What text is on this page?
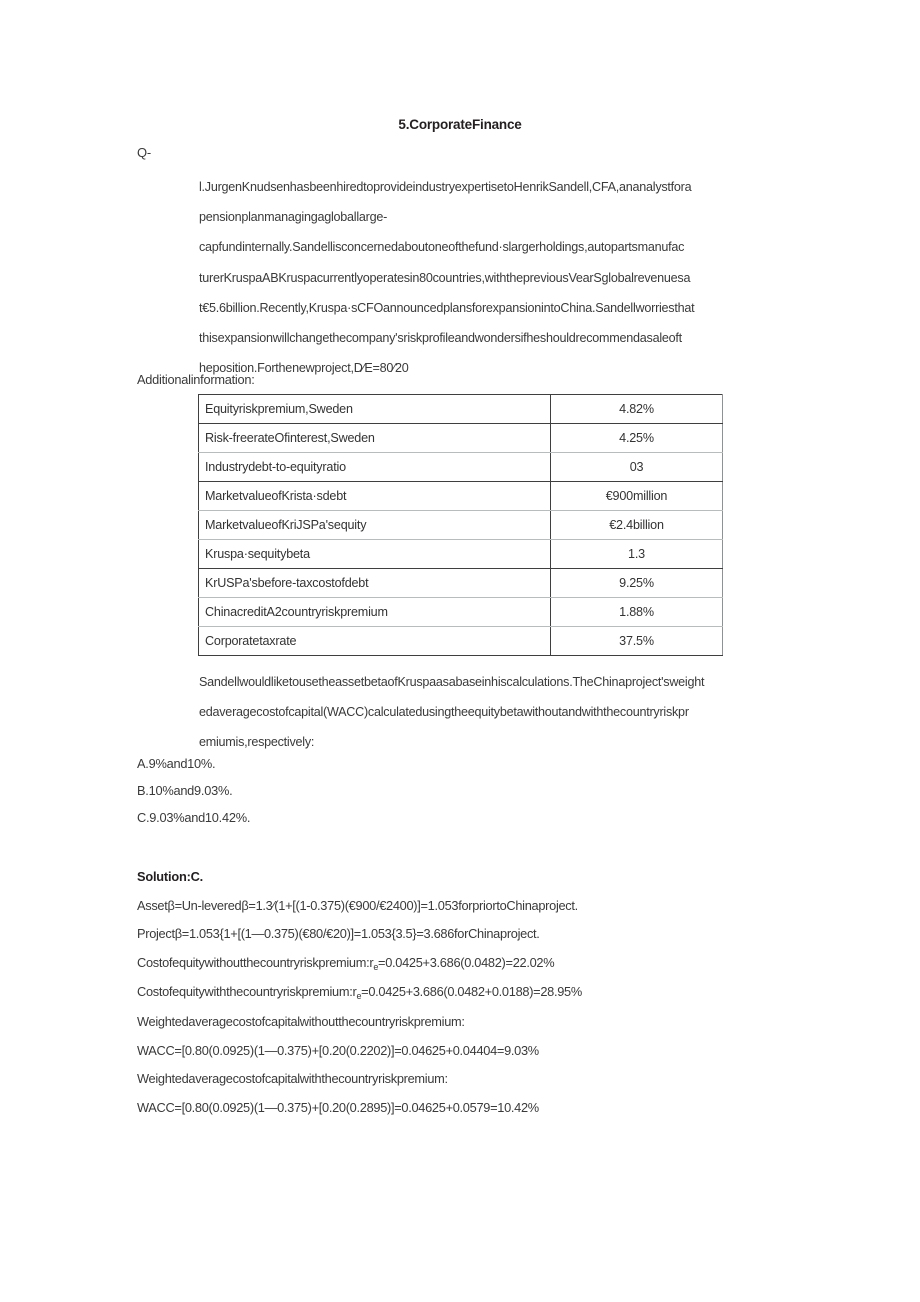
5.CorporateFinance
Q-
l.JurgenKnudsenhasbeenhiredtoprovideindustryexpertisetoHenrikSandell,CFA,ananalystfora
pensionplanmanagingagloballarge-
capfundinternally.Sandellisconcernedaboutoneofthefund·slargerholdings,autopartsmanufac
turerKruspaABKruspacurrentlyoperatesin80countries,withthepreviousVearSglobalrevenuesa
t€5.6billion.Recently,Kruspa·sCFOannouncedplansforexpansionintoChina.Sandellworriesthat
thisexpansionwillchangethecompany'sriskprofileandwondersifheshouldrecommendasaleoft
heposition.Forthenewproject,D⁄E=80⁄20
Additionalinformation:
Equityriskpremium,Sweden	4.82%
Risk-freerateOfinterest,Sweden	4.25%
Industrydebt-to-equityratio	03
MarketvalueofKrista·sdebt	€900million
MarketvalueofKriJSPa'sequity	€2.4billion
Kruspa·sequitybeta	1.3
KrUSPa'sbefore-taxcostofdebt	9.25%
ChinacreditA2countryriskpremium	1.88%
Corporatetaxrate	37.5%
SandellwouldliketousetheassetbetaofKruspaasabaseinhiscalculations.TheChinaproject'sweight
edaveragecostofcapital(WACC)calculatedusingtheequitybetawithoutandwiththecountryriskpr
emiumis,respectively:
A.9%and10%.
B.10%and9.03%.
C.9.03%and10.42%.
Solution:C.
Assetβ=Un-leveredβ=1.3⁄(1+[(1-0.375)(€900/€2400)]=1.053forpriortoChinaproject.
Projectβ=1.053{1+[(1—0.375)(€80/€20)]=1.053{3.5}=3.686forChinaproject.
$Costofequitywithoutthecountryriskpremium:r_e=0.0425+3.686(0.0482)=22.02\%$
$Costofequitywiththecountryriskpremium:r_e=0.0425+3.686(0.0482+0.0188)=28.95\%$
Weightedaveragecostofcapitalwithoutthecountryriskpremium:
WACC=[0.80(0.0925)(1—0.375)+[0.20(0.2202)]=0.04625+0.04404=9.03%
Weightedaveragecostofcapitalwiththecountryriskpremium:
WACC=[0.80(0.0925)(1—0.375)+[0.20(0.2895)]=0.04625+0.0579=10.42%
